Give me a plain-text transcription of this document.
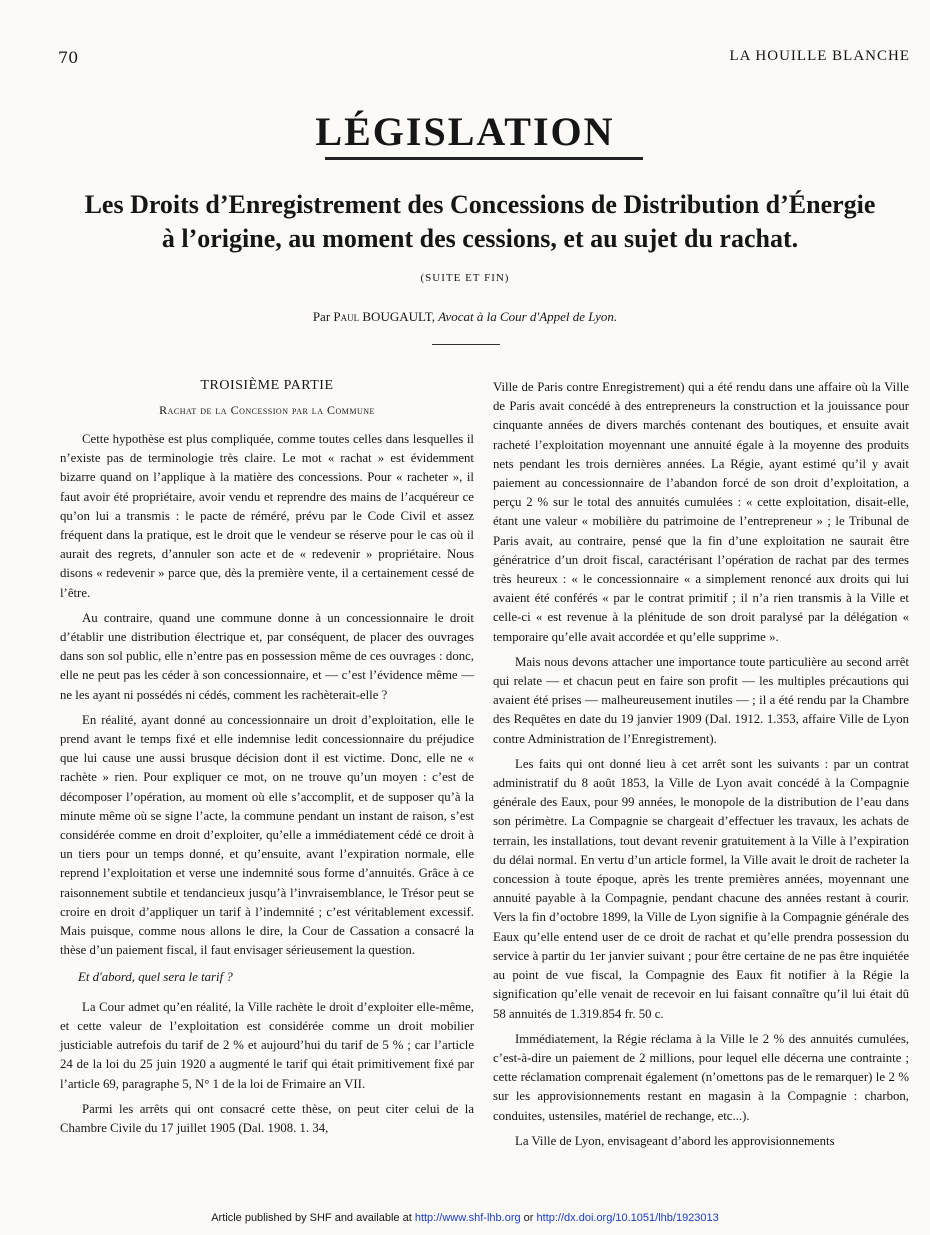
70	LA HOUILLE BLANCHE
LÉGISLATION
Les Droits d’Enregistrement des Concessions de Distribution d’Énergie
à l’origine, au moment des cessions, et au sujet du rachat.
(SUITE ET FIN)
Par Paul BOUGAULT, Avocat à la Cour d'Appel de Lyon.
TROISIÈME PARTIE
Rachat de la Concession par la Commune

Cette hypothèse est plus compliquée, comme toutes celles dans lesquelles il n’existe pas de terminologie très claire. Le mot « rachat » est évidemment bizarre quand on l’applique à la matière des concessions. Pour « racheter », il faut avoir été propriétaire, avoir vendu et reprendre des mains de l’acquéreur ce qu’on lui a transmis : le pacte de réméré, prévu par le Code Civil et assez fréquent dans la pratique, est le droit que le vendeur se réserve pour le cas où il aurait des regrets, d’annuler son acte et de « redevenir » propriétaire. Nous disons « redevenir » parce que, dès la première vente, il a certainement cessé de l’être.

Au contraire, quand une commune donne à un concessionnaire le droit d’établir une distribution électrique et, par conséquent, de placer des ouvrages dans son sol public, elle n’entre pas en possession même de ces ouvrages : donc, elle ne peut pas les céder à son concessionnaire, et — c’est l’évidence même — ne les ayant ni possédés ni cédés, comment les rachèterait-elle ?

En réalité, ayant donné au concessionnaire un droit d’exploitation, elle le prend avant le temps fixé et elle indemnise ledit concessionnaire du préjudice que lui cause une aussi brusque décision dont il est victime. Donc, elle ne « rachète » rien. Pour expliquer ce mot, on ne trouve qu’un moyen : c’est de décomposer l’opération, au moment où elle s’accomplit, et de supposer qu’à la minute même où se signe l’acte, la commune pendant un instant de raison, s’est considérée comme en droit d’exploiter, qu’elle a immédiatement cédé ce droit à un tiers pour un temps donné, et qu’ensuite, avant l’expiration normale, elle reprend l’exploitation et verse une indemnité sous forme d’annuités. Grâce à ce raisonnement subtile et tendancieux jusqu’à l’invraisemblance, le Trésor peut se croire en droit d’appliquer un tarif à l’indemnité ; c’est véritablement excessif. Mais puisque, comme nous allons le dire, la Cour de Cassation a consacré la thèse d’un paiement fiscal, il faut envisager sérieusement la question.

Et d'abord, quel sera le tarif ?

La Cour admet qu’en réalité, la Ville rachète le droit d’exploiter elle-même, et cette valeur de l’exploitation est considérée comme un droit mobilier justiciable autrefois du tarif de 2 % et aujourd’hui du tarif de 5 % ; car l’article 24 de la loi du 25 juin 1920 a augmenté le tarif qui était primitivement fixé par l’article 69, paragraphe 5, N° 1 de la loi de Frimaire an VII.

Parmi les arrêts qui ont consacré cette thèse, on peut citer celui de la Chambre Civile du 17 juillet 1905 (Dal. 1908. 1. 34,

Ville de Paris contre Enregistrement) qui a été rendu dans une affaire où la Ville de Paris avait concédé à des entrepreneurs la construction et la jouissance pour cinquante années de divers marchés contenant des boutiques, et ensuite avait racheté l’exploitation moyennant une annuité égale à la moyenne des produits nets pendant les trois dernières années. La Régie, ayant estimé qu’il y avait paiement au concessionnaire de l’abandon forcé de son droit d’exploitation, a perçu 2 % sur le total des annuités cumulées : « cette exploitation, disait-elle, étant une valeur « mobilière du patrimoine de l’entrepreneur » ; le Tribunal de Paris avait, au contraire, pensé que la fin d’une exploitation ne saurait être génératrice d’un droit fiscal, caractérisant l’opération de rachat par des termes très heureux : « le concessionnaire « a simplement renoncé aux droits qui lui avaient été conférés « par le contrat primitif ; il n’a rien transmis à la Ville et celle-ci « est revenue à la plénitude de son droit paralysé par la délégation « temporaire qu’elle avait accordée et qu’elle supprime ».

Mais nous devons attacher une importance toute particulière au second arrêt qui relate — et chacun peut en faire son profit — les multiples précautions qui avaient été prises — malheureusement inutiles — ; il a été rendu par la Chambre des Requêtes en date du 19 janvier 1909 (Dal. 1912. 1.353, affaire Ville de Lyon contre Administration de l’Enregistrement).

Les faits qui ont donné lieu à cet arrêt sont les suivants : par un contrat administratif du 8 août 1853, la Ville de Lyon avait concédé à la Compagnie générale des Eaux, pour 99 années, le monopole de la distribution de l’eau dans son périmètre. La Compagnie se chargeait d’effectuer les travaux, les achats de terrain, les installations, tout devant revenir gratuitement à la Ville à l’expiration du délai normal. En vertu d’un article formel, la Ville avait le droit de racheter la concession à toute époque, après les trente premières années, moyennant une annuité payable à la Compagnie, pendant chacune des années restant à courir. Vers la fin d’octobre 1899, la Ville de Lyon signifie à la Compagnie générale des Eaux qu’elle entend user de ce droit de rachat et qu’elle prendra possession du service à partir du 1er janvier suivant ; pour être certaine de ne pas être inquiétée au point de vue fiscal, la Compagnie des Eaux fit notifier à la Régie la signification qu’elle venait de recevoir en lui faisant connaître qu’il lui était dû 58 annuités de 1.319.854 fr. 50 c.

Immédiatement, la Régie réclama à la Ville le 2 % des annuités cumulées, c’est-à-dire un paiement de 2 millions, pour lequel elle décerna une contrainte ; cette réclamation comprenait également (n’omettons pas de le remarquer) le 2 % sur les approvisionnements restant en magasin à la Compagnie : charbon, conduites, ustensiles, matériel de rechange, etc...).

La Ville de Lyon, envisageant d’abord les approvisionnements

Article published by SHF and available at http://www.shf-lhb.org or http://dx.doi.org/10.1051/lhb/1923013
